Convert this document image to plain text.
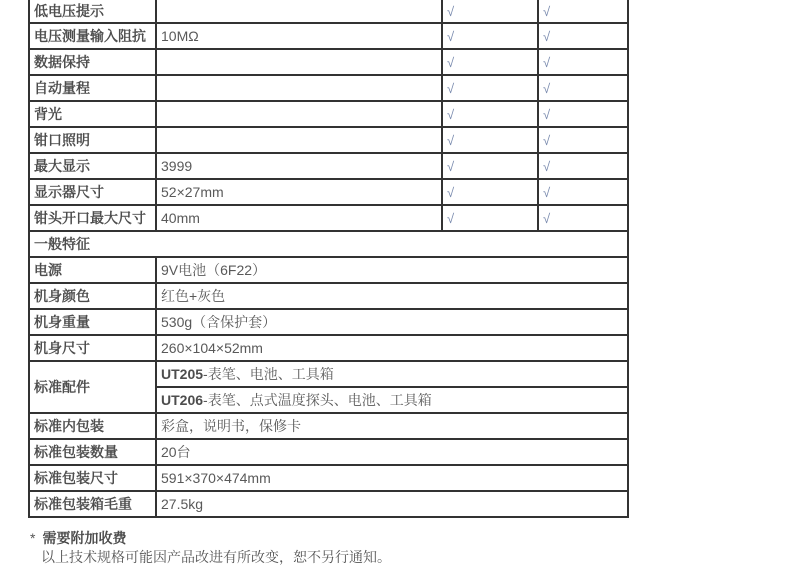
低电压提示		√	√
电压测量输入阻抗	10MΩ	√	√
数据保持		√	√
自动量程		√	√
背光		√	√
钳口照明		√	√
最大显示	3999	√	√
显示器尺寸	52×27mm	√	√
钳头开口最大尺寸	40mm	√	√
一般特征			
电源	9V电池（6F22）		
机身颜色	红色+灰色		
机身重量	530g（含保护套）		
机身尺寸	260×104×52mm		
标准配件	UT205-表笔、电池、工具箱		
	UT206-表笔、点式温度探头、电池、工具箱		
标准内包装	彩盒，说明书，保修卡		
标准包装数量	20台		
标准包装尺寸	591×370×474mm		
标准包装箱毛重	27.5kg		
* 需要附加收费
以上技术规格可能因产品改进有所改变，恕不另行通知。
